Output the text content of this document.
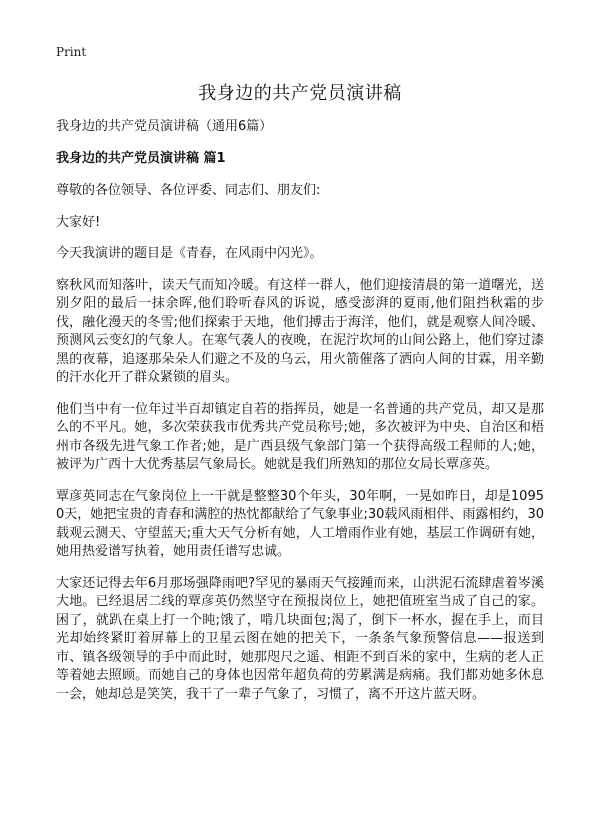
Print
我身边的共产党员演讲稿
我身边的共产党员演讲稿（通用6篇）
我身边的共产党员演讲稿 篇1

尊敬的各位领导、各位评委、同志们、朋友们:

大家好!

今天我演讲的题目是《青春，在风雨中闪光》。

察秋风而知落叶，读天气而知冷暖。有这样一群人，他们迎接清晨的第一道曙光，送别夕阳的最后一抹余晖,他们聆听春风的诉说，感受澎湃的夏雨,他们阻挡秋霜的步伐，融化漫天的冬雪;他们探索于天地，他们搏击于海洋，他们，就是观察人间冷暖、预测风云变幻的气象人。在寒气袭人的夜晚，在泥泞坎坷的山间公路上，他们穿过漆黑的夜幕，追逐那朵朵人们避之不及的乌云，用火箭催落了洒向人间的甘霖，用辛勤的汗水化开了群众紧锁的眉头。

他们当中有一位年过半百却镇定自若的指挥员，她是一名普通的共产党员，却又是那么的不平凡。她，多次荣获我市优秀共产党员称号;她，多次被评为中央、自治区和梧州市各级先进气象工作者;她，是广西县级气象部门第一个获得高级工程师的人;她，被评为广西十大优秀基层气象局长。她就是我们所熟知的那位女局长覃彦英。

覃彦英同志在气象岗位上一干就是整整30个年头，30年啊，一晃如昨日，却是10950天，她把宝贵的青春和满腔的热忱都献给了气象事业;30载风雨相伴、雨露相约，30载观云测天、守望蓝天;重大天气分析有她，人工增雨作业有她，基层工作调研有她，她用热爱谱写执着，她用责任谱写忠诚。

大家还记得去年6月那场强降雨吧?罕见的暴雨天气接踵而来，山洪泥石流肆虐着岑溪大地。已经退居二线的覃彦英仍然坚守在预报岗位上，她把值班室当成了自己的家。困了，就趴在桌上打一个盹;饿了，啃几块面包;渴了，倒下一杯水，握在手上，而目光却始终紧盯着屏幕上的卫星云图在她的把关下，一条条气象预警信息——报送到市、镇各级领导的手中而此时，她那咫尺之遥、相距不到百米的家中，生病的老人正等着她去照顾。而她自己的身体也因常年超负荷的劳累满是病痛。我们都劝她多休息一会，她却总是笑笑，我干了一辈子气象了，习惯了，离不开这片蓝天呀。
